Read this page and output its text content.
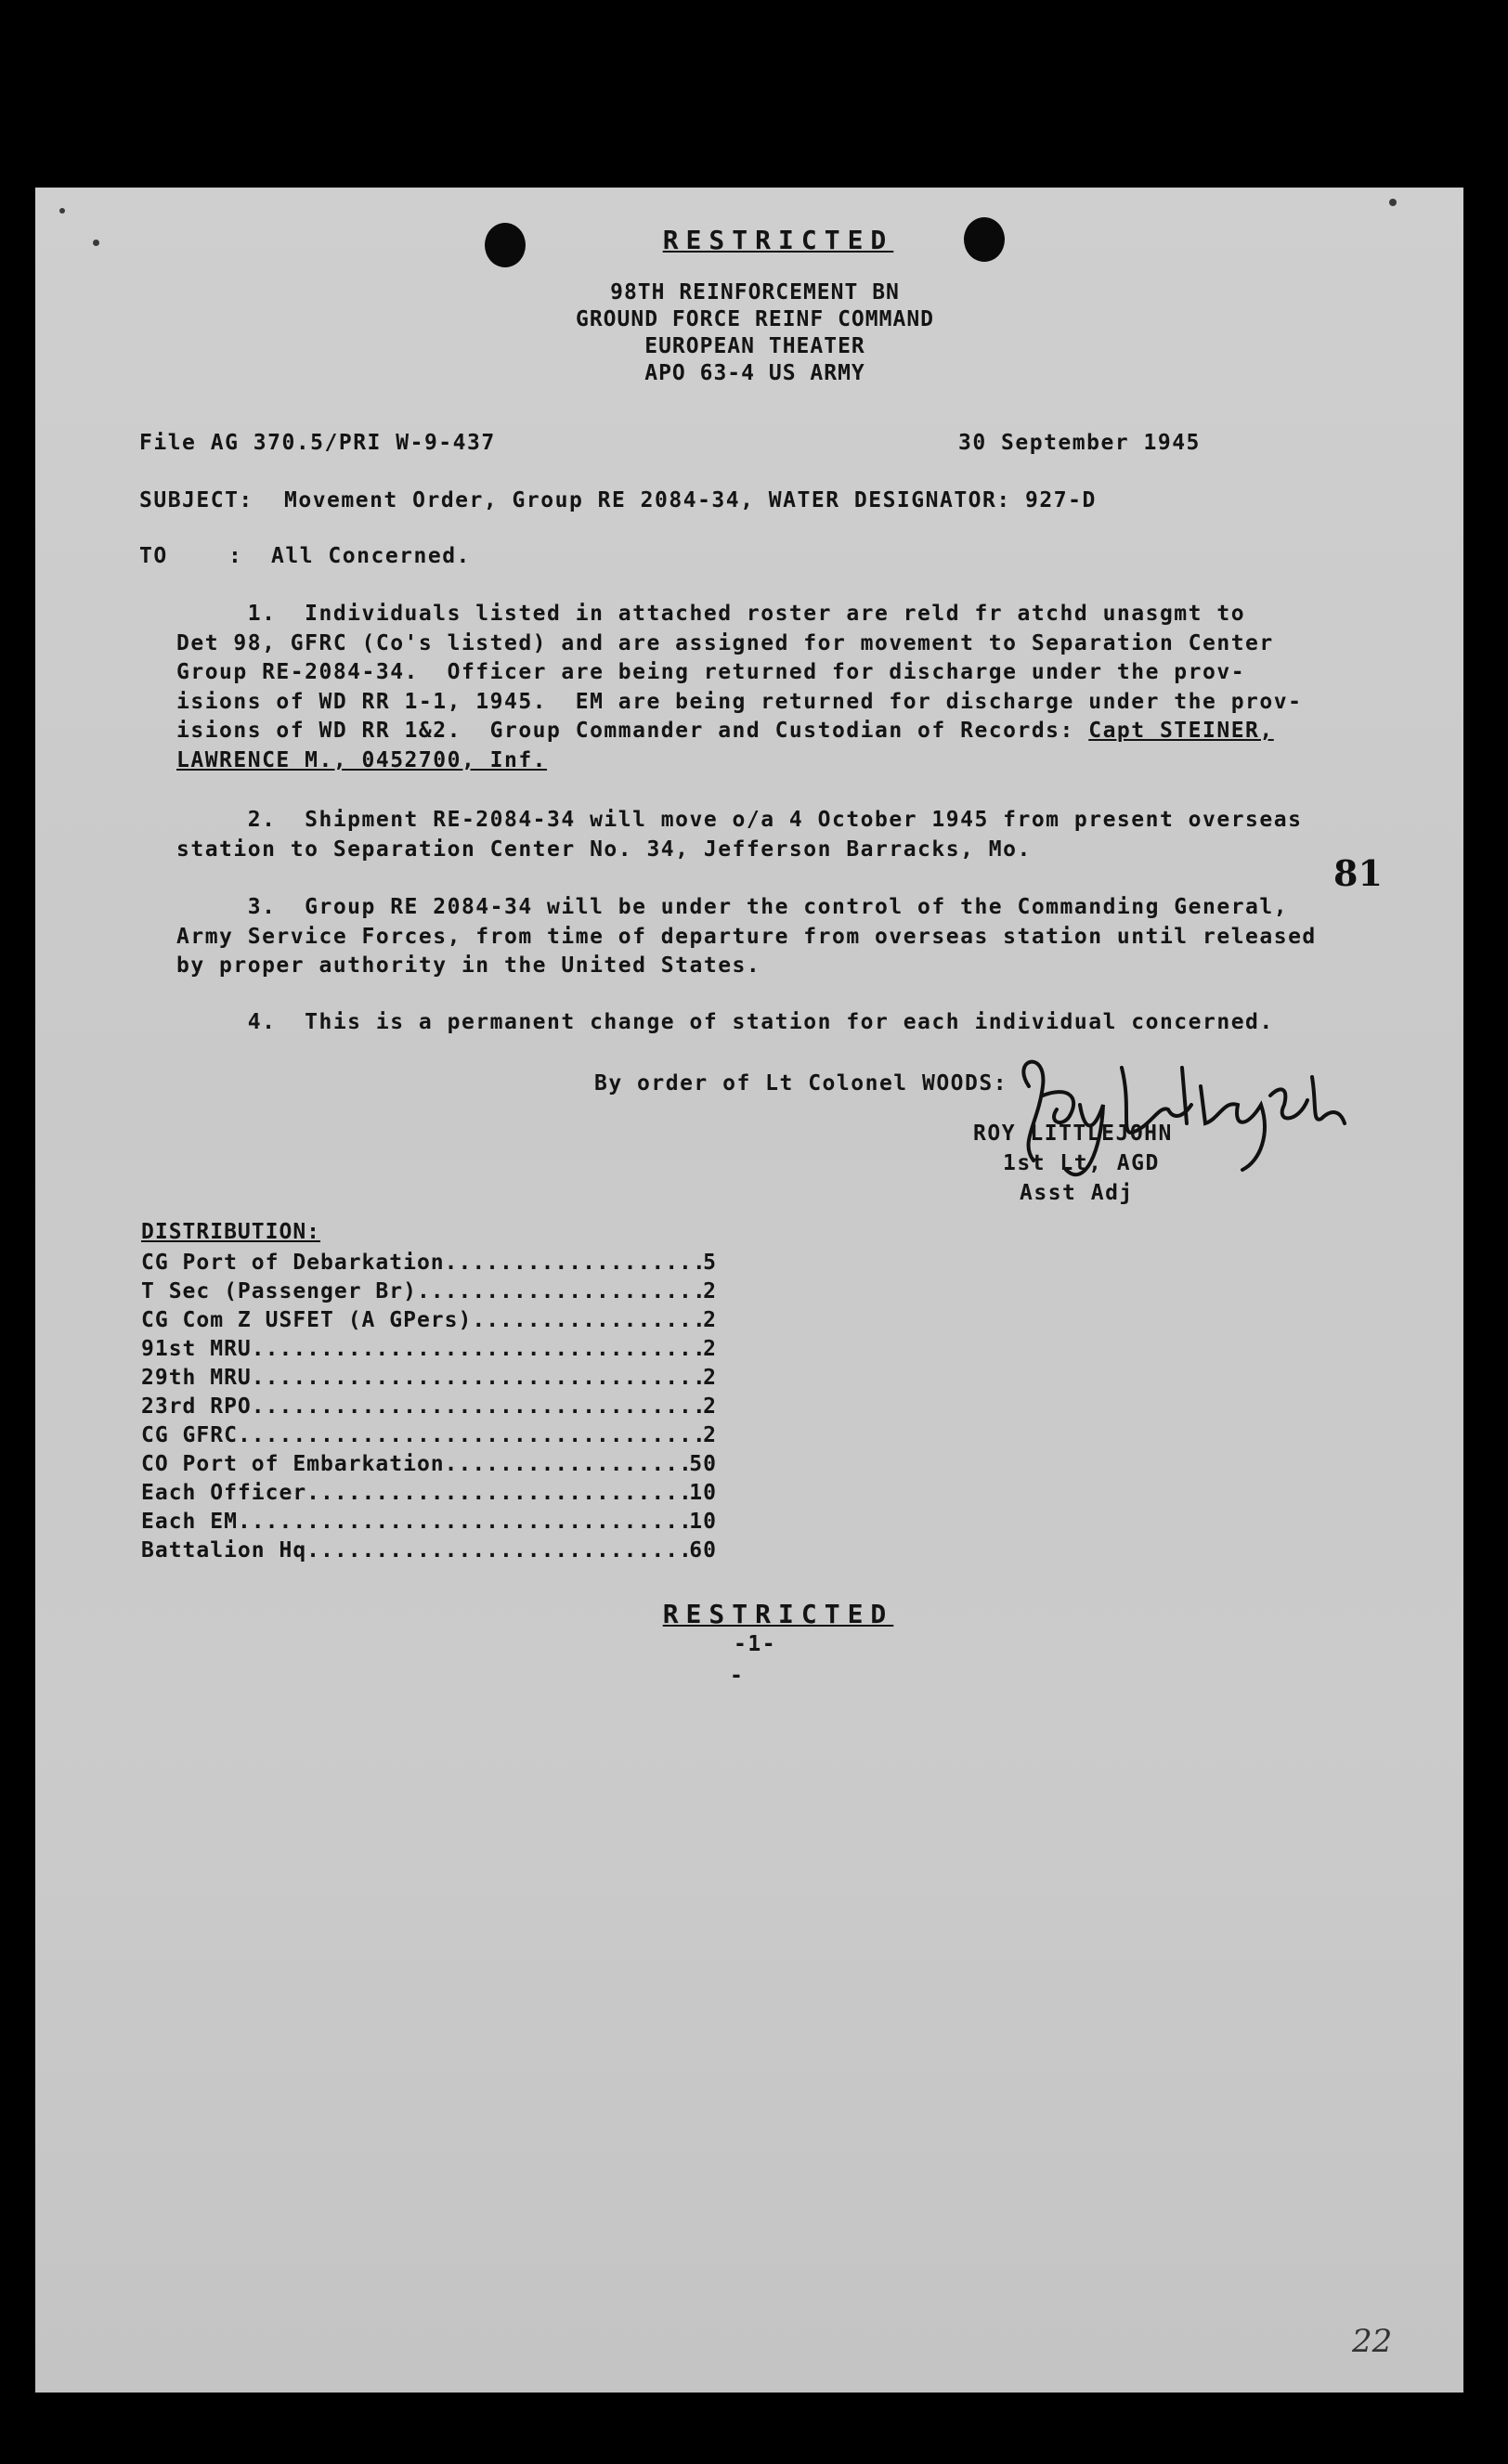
RESTRICTED
98TH REINFORCEMENT BN
GROUND FORCE REINF COMMAND
EUROPEAN THEATER
APO 63-4 US ARMY
File AG 370.5/PRI W-9-437	30 September 1945
SUBJECT: Movement Order, Group RE 2084-34, WATER DESIGNATOR: 927-D
TO	:  All Concerned.
1.  Individuals listed in attached roster are reld fr atchd unasgmt to
Det 98, GFRC (Co's listed) and are assigned for movement to Separation Center
Group RE-2084-34.  Officer are being returned for discharge under the prov-
isions of WD RR 1-1, 1945.  EM are being returned for discharge under the prov-
isions of WD RR 1&2.  Group Commander and Custodian of Records: Capt STEINER,
LAWRENCE M., 0452700, Inf.
2.  Shipment RE-2084-34 will move o/a 4 October 1945 from present overseas
station to Separation Center No. 34, Jefferson Barracks, Mo.
81
3.  Group RE 2084-34 will be under the control of the Commanding General,
Army Service Forces, from time of departure from overseas station until released
by proper authority in the United States.
4.  This is a permanent change of station for each individual concerned.
By order of Lt Colonel WOODS:
ROY LITTLEJOHN
1st Lt, AGD
Asst Adj
DISTRIBUTION:
CG Port of Debarkation .....	5
T Sec (Passenger Br) .....	2
CG Com Z USFET (A GPers) .....	2
91st MRU .....	2
29th MRU .....	2
23rd RPO .....	2
CG GFRC .....	2
CO Port of Embarkation .....	50
Each Officer .....	10
Each EM .....	10
Battalion Hq .....	60
RESTRICTED
-1-
-
22
